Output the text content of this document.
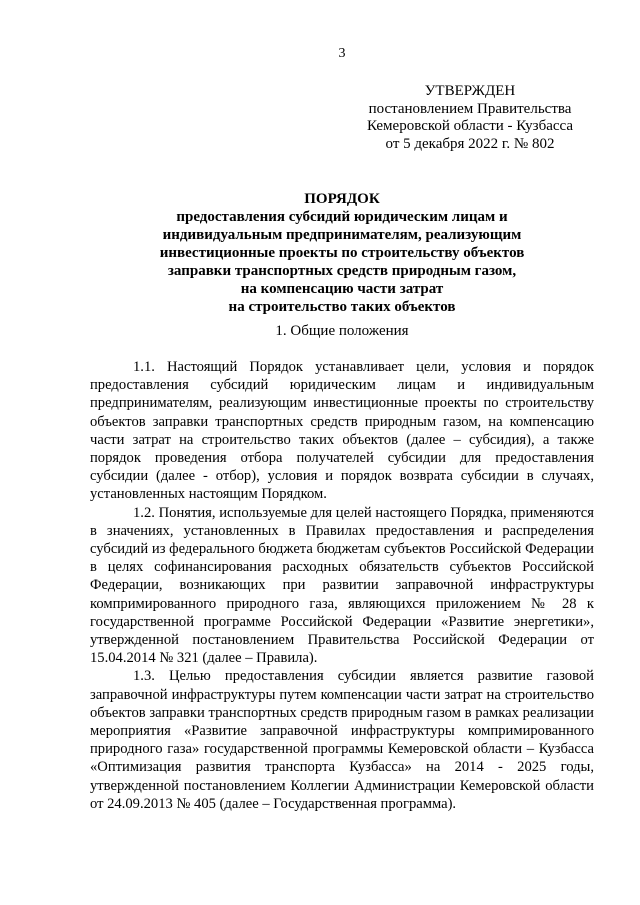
3
УТВЕРЖДЕН
постановлением Правительства
Кемеровской области - Кузбасса
от 5 декабря 2022 г. № 802
ПОРЯДОК
предоставления субсидий юридическим лицам и
индивидуальным предпринимателям, реализующим
инвестиционные проекты по строительству объектов
заправки транспортных средств природным газом,
на компенсацию части затрат
на строительство таких объектов
1. Общие положения

1.1. Настоящий Порядок устанавливает цели, условия и порядок предоставления субсидий юридическим лицам и индивидуальным предпринимателям, реализующим инвестиционные проекты по строительству объектов заправки транспортных средств природным газом, на компенсацию части затрат на строительство таких объектов (далее – субсидия), а также порядок проведения отбора получателей субсидии для предоставления субсидии (далее - отбор), условия и порядок возврата субсидии в случаях, установленных настоящим Порядком.

1.2. Понятия, используемые для целей настоящего Порядка, применяются в значениях, установленных в Правилах предоставления и распределения субсидий из федерального бюджета бюджетам субъектов Российской Федерации в целях софинансирования расходных обязательств субъектов Российской Федерации, возникающих при развитии заправочной инфраструктуры компримированного природного газа, являющихся приложением № 28 к государственной программе Российской Федерации «Развитие энергетики», утвержденной постановлением Правительства Российской Федерации от 15.04.2014 № 321 (далее – Правила).

1.3. Целью предоставления субсидии является развитие газовой заправочной инфраструктуры путем компенсации части затрат на строительство объектов заправки транспортных средств природным газом в рамках реализации мероприятия «Развитие заправочной инфраструктуры компримированного природного газа» государственной программы Кемеровской области – Кузбасса «Оптимизация развития транспорта Кузбасса» на 2014 - 2025 годы, утвержденной постановлением Коллегии Администрации Кемеровской области от 24.09.2013 № 405 (далее – Государственная программа).
